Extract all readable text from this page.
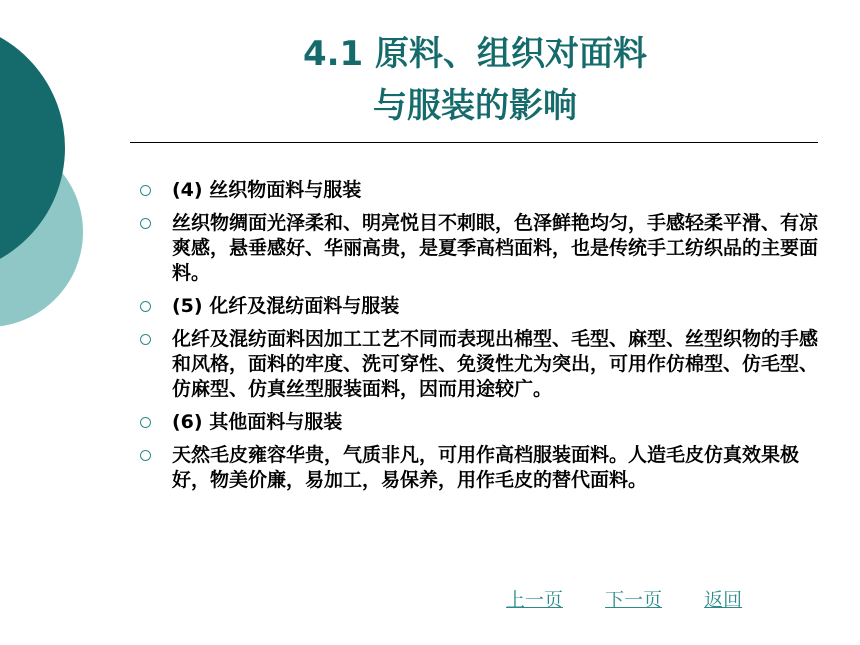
4.1 原料、组织对面料
与服装的影响
(4) 丝织物面料与服装
丝织物绸面光泽柔和、明亮悦目不刺眼，色泽鲜艳均匀，手感轻柔平滑、有凉爽感，悬垂感好、华丽高贵，是夏季高档面料，也是传统手工纺织品的主要面料。
(5) 化纤及混纺面料与服装
化纤及混纺面料因加工工艺不同而表现出棉型、毛型、麻型、丝型织物的手感和风格，面料的牢度、洗可穿性、免烫性尤为突出，可用作仿棉型、仿毛型、仿麻型、仿真丝型服装面料，因而用途较广。
(6) 其他面料与服装
天然毛皮雍容华贵，气质非凡，可用作高档服装面料。人造毛皮仿真效果极好，物美价廉，易加工，易保养，用作毛皮的替代面料。
上一页 下一页 返回
